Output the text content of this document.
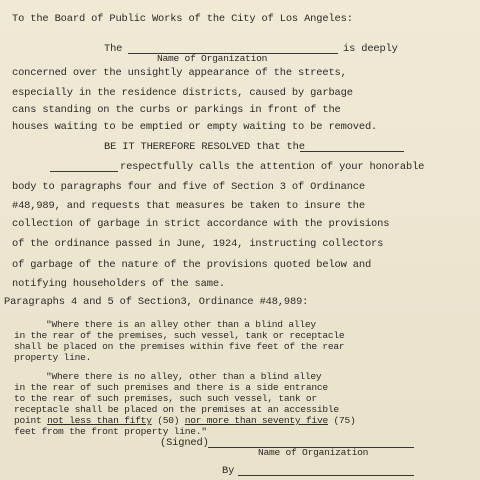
To the Board of Public Works of the City of Los Angeles:
The	is deeply
Name of Organization
concerned over the unsightly appearance of the streets,
especially in the residence districts, caused by garbage
cans standing on the curbs or parkings in front of the
houses waiting to be emptied or empty waiting to be removed.
BE IT THEREFORE RESOLVED that the
respectfully calls the attention of your honorable
body to paragraphs four and five of Section 3 of Ordinance
#48,989, and requests that measures be taken to insure the
collection of garbage in strict accordance with the provisions
of the ordinance passed in June, 1924, instructing collectors
of garbage of the nature of the provisions quoted below and
notifying householders of the same.
Paragraphs 4 and 5 of Section3, Ordinance #48,989:
"Where there is an alley other than a blind alley
in the rear of the premises, such vessel, tank or receptacle
shall be placed on the premises within five feet of the rear
property line.
"Where there is no alley, other than a blind alley
in the rear of such premises and there is a side entrance
to the rear of such premises, such such vessel, tank or
receptacle shall be placed on the premises at an accessible
point not less than fifty (50) nor more than seventy five (75)
feet from the front property line."
(Signed)
Name of Organization
By
